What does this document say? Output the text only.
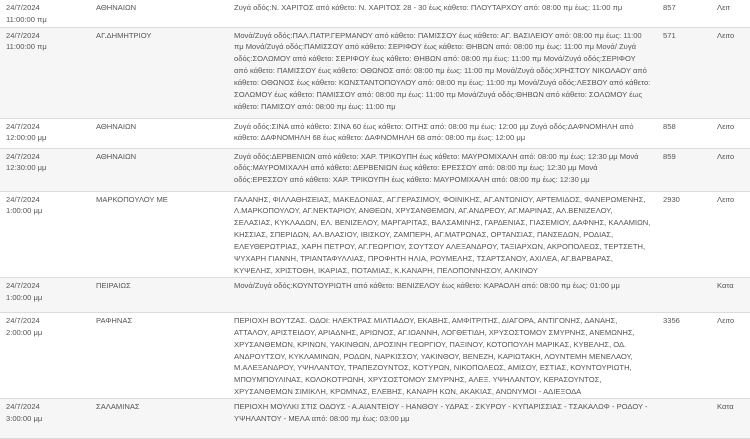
24/7/2024
11:00:00 πμ	ΑΘΗΝΑΙΩΝ	Ζυγά οδός:Ν. ΧΑΡΙΤΟΣ από κάθετο: Ν. ΧΑΡΙΤΟΣ 28 - 30 έως κάθετο: ΠΛΟΥΤΑΡΧΟΥ από: 08:00 πμ έως: 11:00 πμ	857	Λειτ

24/7/2024
11:00:00 πμ	ΑΓ.ΔΗΜΗΤΡΙΟΥ	Μονά/Ζυγά οδός:ΠΑΛ.ΠΑΤΡ.ΓΕΡΜΑΝΟΥ από κάθετο: ΠΑΜΙΣΣΟΥ έως κάθετο: ΑΓ. ΒΑΣΙΛΕΙΟΥ από: 08:00 πμ έως: 11:00 πμ Μονά/Ζυγά οδός:ΠΑΜΙΣΣΟΥ από κάθετο: ΣΕΡΙΦΟΥ έως κάθετο: ΘΗΒΩΝ από: 08:00 πμ έως: 11:00 πμ Μονά/ Ζυγά οδός:ΣΟΛΩΜΟΥ από κάθετο: ΣΕΡΙΦΟΥ έως κάθετο: ΘΗΒΩΝ από: 08:00 πμ έως: 11:00 πμ Μονά/Ζυγά οδός:ΣΕΡΙΦΟΥ από κάθετο: ΠΑΜΙΣΣΟΥ έως κάθετο: ΟΘΩΝΟΣ από: 08:00 πμ έως: 11:00 πμ Μονά/Ζυγά οδός:ΧΡΗΣΤΟΥ ΝΙΚΟΛΑΟΥ από κάθετο: ΟΘΩΝΟΣ έως κάθετο: ΚΩΝΣΤΑΝΤΟΠΟΥΛΟΥ από: 08:00 πμ έως: 11:00 πμ Μονά/Ζυγά οδός:ΛΕΣΒΟΥ από κάθετο: ΣΟΛΩΜΟΥ έως κάθετο: ΠΑΜΙΣΣΟΥ από: 08:00 πμ έως: 11:00 πμ Μονά/Ζυγά οδός:ΘΗΒΩΝ από κάθετο: ΣΟΛΩΜΟΥ έως κάθετο: ΠΑΜΙΣΟΥ από: 08:00 πμ έως: 11:00 πμ	571	Λειτο

24/7/2024
12:00:00 μμ	ΑΘΗΝΑΙΩΝ	Ζυγά οδός:ΣΙΝΑ από κάθετο: ΣΙΝΑ 60 έως κάθετο: ΟΙΤΗΣ από: 08:00 πμ έως: 12:00 μμ Ζυγά οδός:ΔΑΦΝΟΜΗΛΗ από κάθετο: ΔΑΦΝΟΜΗΛΗ 68 έως κάθετο: ΔΑΦΝΟΜΗΛΗ 68 από: 08:00 πμ έως: 12:00 μμ	858	Λειτο

24/7/2024
12:30:00 μμ	ΑΘΗΝΑΙΩΝ	Ζυγά οδός:ΔΕΡΒΕΝΙΩΝ από κάθετο: ΧΑΡ. ΤΡΙΚΟΥΠΗ έως κάθετο: ΜΑΥΡΟΜΙΧΑΛΗ από: 08:00 πμ έως: 12:30 μμ Μονά οδός:ΜΑΥΡΟΜΙΧΑΛΗ από κάθετο: ΔΕΡΒΕΝΙΩΝ έως κάθετο: ΕΡΕΣΣΟΥ από: 08:00 πμ έως: 12:30 μμ Μονά οδός:ΕΡΕΣΣΟΥ από κάθετο: ΧΑΡ. ΤΡΙΚΟΥΠΗ έως κάθετο: ΜΑΥΡΟΜΙΧΑΛΗ από: 08:00 πμ έως: 12:30 μμ	859	Λειτο

24/7/2024
1:00:00 μμ	ΜΑΡΚΟΠΟΥΛΟΥ ΜΕ	ΓΑΛΑΝΗΣ, ΦΙΛΛΑΘΗΣΕΙΑΣ, ΜΑΚΕΔΟΝΙΑΣ, ΑΓ.ΓΕΡΑΣΙΜΟΥ, ΦΟΙΝΙΚΗΣ, ΑΓ.ΑΝΤΩΝΙΟΥ, ΑΡΤΕΜΙΔΟΣ, ΦΑΝΕΡΩΜΕΝΗΣ, Λ.ΜΑΡΚΟΠΟΥΛΟΥ, ΑΓ.ΝΕΚΤΑΡΙΟΥ, ΑΝΘΕΩΝ, ΧΡΥΣΑΝΘΕΜΩΝ, ΑΓ.ΑΝΔΡΕΟΥ, ΑΓ.ΜΑΡΙΝΑΣ, ΑΛ.ΒΕΝΙΖΕΛΟΥ, ΣΕΛΑΣΙΑΣ, ΚΥΚΛΑΔΩΝ, ΕΛ. ΒΕΝΙΖΕΛΟΥ, ΜΑΡΓΑΡΙΤΑΣ, ΒΑΛΣΑΜΙΝΗΣ, ΓΑΡΔΕΝΙΑΣ, ΓΙΑΣΕΜΙΟΥ, ΔΑΦΝΗΣ, ΚΑΛΑΜΙΩΝ, ΚΗΣΣΙΑΣ, ΣΠΕΡΙΔΩΝ, ΑΛ.ΒΛΑΣΙΟΥ, ΙΒΙΣΚΟΥ, ΖΑΜΠΕΡΗ, ΑΓ.ΜΑΤΡΩΝΑΣ, ΟΡΤΑΝΣΙΑΣ, ΠΑΝΣΕΔΩΝ, ΡΟΔΙΑΣ, ΕΛΕΥΘΕΡΩΤΡΙΑΣ, ΧΑΡΗ ΠΕΤΡΟΥ, ΑΓ.ΓΕΩΡΓΙΟΥ, ΣΟΥΤΣΟΥ ΑΛΕΞΑΝΔΡΟΥ, ΤΑΞΙΑΡΧΩΝ, ΑΚΡΟΠΟΛΕΩΣ, ΤΕΡΤΣΕΤΗ, ΨΥΧΑΡΗ ΓΙΑΝΝΗ, ΤΡΙΑΝΤΑΦΥΛΛΙΑΣ, ΠΡΟΦΗΤΗ ΗΛΙΑ, ΡΟΥΜΕΛΗΣ, ΤΣΑΡΤΣΑΝΟΥ, ΑΧΙΛΕΑ, ΑΓ.ΒΑΡΒΑΡΑΣ, ΚΥΨΕΛΗΣ, ΧΡΙΣΤΟΘΗ, ΙΚΑΡΙΑΣ, ΠΟΤΑΜΙΑΣ, Κ.ΚΑΝΑΡΗ, ΠΕΛΟΠΟΝΝΗΣΟΥ, ΑΛΚΙΝΟΥ	2930	Λειτο

24/7/2024
1:00:00 μμ	ΠΕΙΡΑΙΩΣ	Μονά/Ζυγά οδός:ΚΟΥΝΤΟΥΡΙΩΤΗ από κάθετο: ΒΕΝΙΖΕΛΟΥ έως κάθετο: ΚΑΡΑΟΛΗ από: 08:00 πμ έως: 01:00 μμ		Κατα

24/7/2024
2:00:00 μμ	ΡΑΦΗΝΑΣ	ΠΕΡΙΟΧΗ ΒΟΥΤΖΑΣ. ΟΔΟΙ: ΗΛΕΚΤΡΑΣ ΜΙΛΤΙΑΔΟΥ, ΕΚΑΒΗΣ, ΑΜΦΙΤΡΙΤΗΣ, ΔΙΑΓΟΡΑ, ΑΝΤΙΓΟΝΗΣ, ΔΑΝΑΗΣ, ΑΤΤΑΛΟΥ, ΑΡΙΣΤΕΙΔΟΥ, ΑΡΙΑΔΝΗΣ, ΑΡΙΩΝΟΣ, ΑΓ.ΙΩΑΝΝΗ, ΛΟΓΘΕΤΙΔΗ, ΧΡΥΣΟΣΤΟΜΟΥ ΣΜΥΡΝΗΣ, ΑΝΕΜΩΝΗΣ, ΧΡΥΣΑΝΘΕΜΩΝ, ΚΡΙΝΩΝ, ΥΑΚΙΝΘΩΝ, ΔΡΟΣΙΝΗ ΓΕΩΡΓΙΟΥ, ΠΑΞΙΝΟΥ, ΚΟΤΟΠΟΥΛΗ ΜΑΡΙΚΑΣ, ΚΥΒΕΛΗΣ, ΟΔ. ΑΝΔΡΟΥΤΣΟΥ, ΚΥΚΛΑΜΙΝΩΝ, ΡΟΔΩΝ, ΝΑΡΚΙΣΣΟΥ, ΥΑΚΙΝΘΟΥ, ΒΕΝΕΖΗ, ΚΑΡΙΩΤΑΚΗ, ΛΟΥΝΤΕΜΗ ΜΕΝΕΛΑΟΥ, Μ.ΑΛΕΞΑΝΔΡΟΥ, ΥΨΗΛΑΝΤΟΥ, ΤΡΑΠΕΖΟΥΝΤΟΣ, ΚΟΤΥΡΩΝ, ΝΙΚΟΠΟΛΕΩΣ, ΑΜΙΣΟΥ, ΕΣΤΙΑΣ, ΚΟΥΝΤΟΥΡΙΩΤΗ, ΜΠΟΥΜΠΟΥΛΙΝΑΣ, ΚΟΛΟΚΟΤΡΩΝΗ, ΧΡΥΣΟΣΤΟΜΟΥ ΣΜΥΡΝΗΣ, ΑΛΕΞ. ΥΨΗΛΑΝΤΟΥ, ΚΕΡΑΣΟΥΝΤΟΣ, ΧΡΥΣΑΝΘΕΜΩΝ ΣΙΜΙΚΛΗ, ΚΡΩΜΝΑΣ, ΕΛΕΒΗΣ, ΚΑΝΑΡΗ ΚΩΝ, ΑΚΑΚΙΑΣ, ΑΝΩΝΥΜΟΙ - ΑΔΙΕΞΟΔΑ	3356	Λειτο

24/7/2024
3:00:00 μμ	ΣΑΛΑΜΙΝΑΣ	ΠΕΡΙΟΧΗ ΜΟΥΛΚΙ ΣΤΙΣ ΟΔΟΥΣ - Α.ΑΙΑΝΤΕΙΟΥ - ΗΑΝΘΟΥ - ΥΔΡΑΣ - ΣΚΥΡΟΥ - ΚΥΠΑΡΙΣΣΙΑΣ - ΤΣΑΚΑΛΩΦ - ΡΟΔΟΥ - ΥΨΗΛΑΝΤΟΥ - ΜΕΛΑ από: 08:00 πμ έως: 03:00 μμ		Κατα
